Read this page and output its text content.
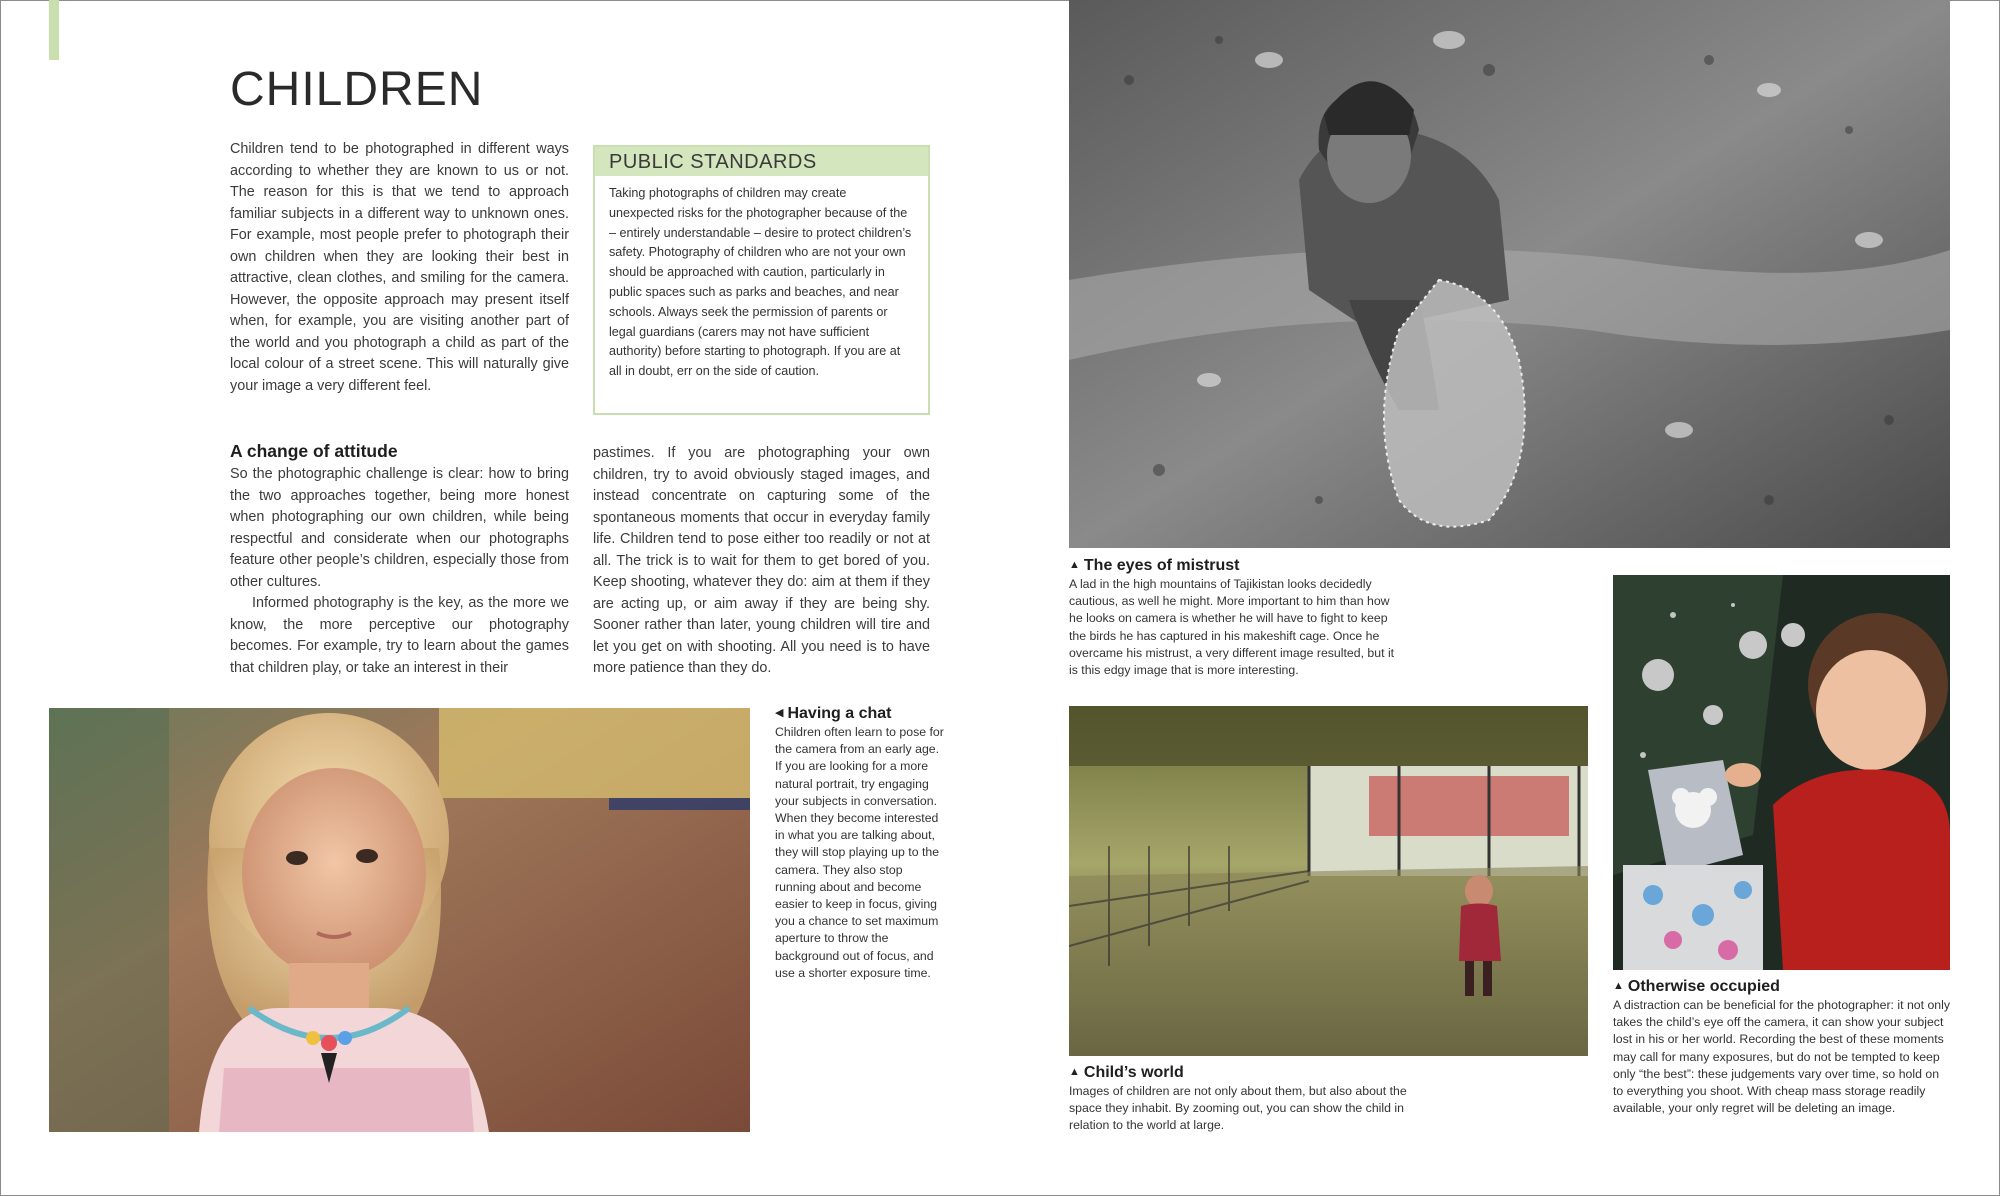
CHILDREN

Children tend to be photographed in different ways according to whether they are known to us or not. The reason for this is that we tend to approach familiar subjects in a different way to unknown ones. For example, most people prefer to photograph their own children when they are looking their best in attractive, clean clothes, and smiling for the camera. However, the opposite approach may present itself when, for example, you are visiting another part of the world and you photograph a child as part of the local colour of a street scene. This will naturally give your image a very different feel.

PUBLIC STANDARDS
Taking photographs of children may create unexpected risks for the photographer because of the – entirely understandable – desire to protect children’s safety. Photography of children who are not your own should be approached with caution, particularly in public spaces such as parks and beaches, and near schools. Always seek the permission of parents or legal guardians (carers may not have sufficient authority) before starting to photograph. If you are at all in doubt, err on the side of caution.
A change of attitude

So the photographic challenge is clear: how to bring the two approaches together, being more honest when photographing our own children, while being respectful and considerate when our photographs feature other people’s children, especially those from other cultures.

Informed photography is the key, as the more we know, the more perceptive our photography becomes. For example, try to learn about the games that children play, or take an interest in their

pastimes. If you are photographing your own children, try to avoid obviously staged images, and instead concentrate on capturing some of the spontaneous moments that occur in everyday family life. Children tend to pose either too readily or not at all. The trick is to wait for them to get bored of you. Keep shooting, whatever they do: aim at them if they are acting up, or aim away if they are being shy. Sooner rather than later, young children will tire and let you get on with shooting. All you need is to have more patience than they do.

◀ Having a chat

Children often learn to pose for the camera from an early age. If you are looking for a more natural portrait, try engaging your subjects in conversation. When they become interested in what you are talking about, they will stop playing up to the camera. They also stop running about and become easier to keep in focus, giving you a chance to set maximum aperture to throw the background out of focus, and use a shorter exposure time.

▲ The eyes of mistrust

A lad in the high mountains of Tajikistan looks decidedly cautious, as well he might. More important to him than how he looks on camera is whether he will have to fight to keep the birds he has captured in his makeshift cage. Once he overcame his mistrust, a very different image resulted, but it is this edgy image that is more interesting.

▲ Child’s world

Images of children are not only about them, but also about the space they inhabit. By zooming out, you can show the child in relation to the world at large.

▲ Otherwise occupied

A distraction can be beneficial for the photographer: it not only takes the child’s eye off the camera, it can show your subject lost in his or her world. Recording the best of these moments may call for many exposures, but do not be tempted to keep only “the best”: these judgements vary over time, so hold on to everything you shoot. With cheap mass storage readily available, your only regret will be deleting an image.
